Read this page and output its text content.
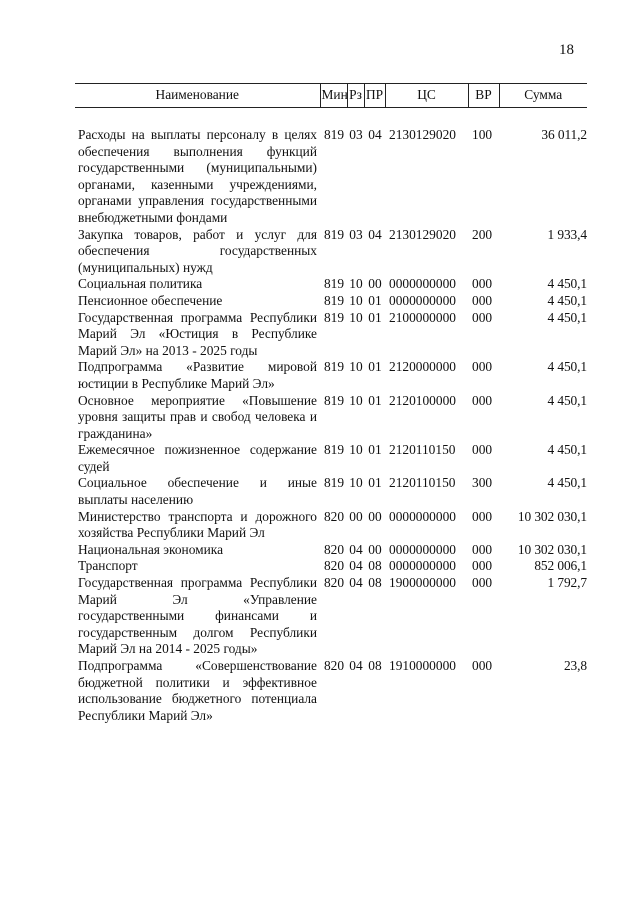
18
Наименование	Мин	Рз	ПР	ЦС	ВР	Сумма

Расходы на выплаты персоналу в целях обеспечения выполнения функций государственными (муниципальными) органами, казенными учреждениями, органами управления государственными внебюджетными фондами	819	03	04	2130129020	100	36 011,2
Закупка товаров, работ и услуг для обеспечения государственных (муниципальных) нужд	819	03	04	2130129020	200	1 933,4
Социальная политика	819	10	00	0000000000	000	4 450,1
Пенсионное обеспечение	819	10	01	0000000000	000	4 450,1
Государственная программа Республики Марий Эл «Юстиция в Республике Марий Эл» на 2013 - 2025 годы	819	10	01	2100000000	000	4 450,1
Подпрограмма «Развитие мировой юстиции в Республике Марий Эл»	819	10	01	2120000000	000	4 450,1
Основное мероприятие «Повышение уровня защиты прав и свобод человека и гражданина»	819	10	01	2120100000	000	4 450,1
Ежемесячное пожизненное содержание судей	819	10	01	2120110150	000	4 450,1
Социальное обеспечение и иные выплаты населению	819	10	01	2120110150	300	4 450,1
Министерство транспорта и дорожного хозяйства Республики Марий Эл	820	00	00	0000000000	000	10 302 030,1
Национальная экономика	820	04	00	0000000000	000	10 302 030,1
Транспорт	820	04	08	0000000000	000	852 006,1
Государственная программа Республики Марий Эл «Управление государственными финансами и государственным долгом Республики Марий Эл на 2014 - 2025 годы»	820	04	08	1900000000	000	1 792,7
Подпрограмма «Совершенствование бюджетной политики и эффективное использование бюджетного потенциала Республики Марий Эл»	820	04	08	1910000000	000	23,8
